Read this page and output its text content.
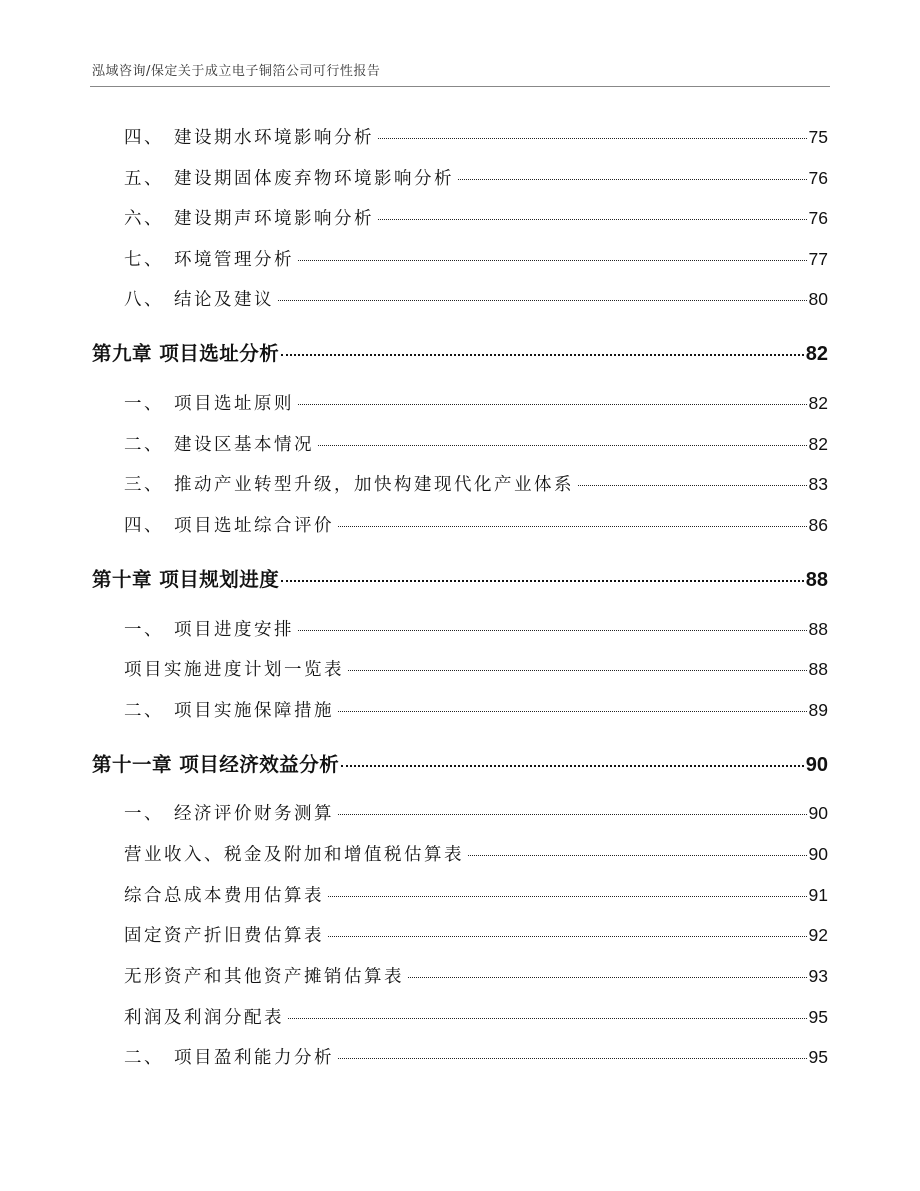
泓域咨询/保定关于成立电子铜箔公司可行性报告
四、 建设期水环境影响分析	75
五、 建设期固体废弃物环境影响分析	76
六、 建设期声环境影响分析	76
七、 环境管理分析	77
八、 结论及建议	80
第九章 项目选址分析	82
一、 项目选址原则	82
二、 建设区基本情况	82
三、 推动产业转型升级，加快构建现代化产业体系	83
四、 项目选址综合评价	86
第十章 项目规划进度	88
一、 项目进度安排	88
项目实施进度计划一览表	88
二、 项目实施保障措施	89
第十一章 项目经济效益分析	90
一、 经济评价财务测算	90
营业收入、税金及附加和增值税估算表	90
综合总成本费用估算表	91
固定资产折旧费估算表	92
无形资产和其他资产摊销估算表	93
利润及利润分配表	95
二、 项目盈利能力分析	95
